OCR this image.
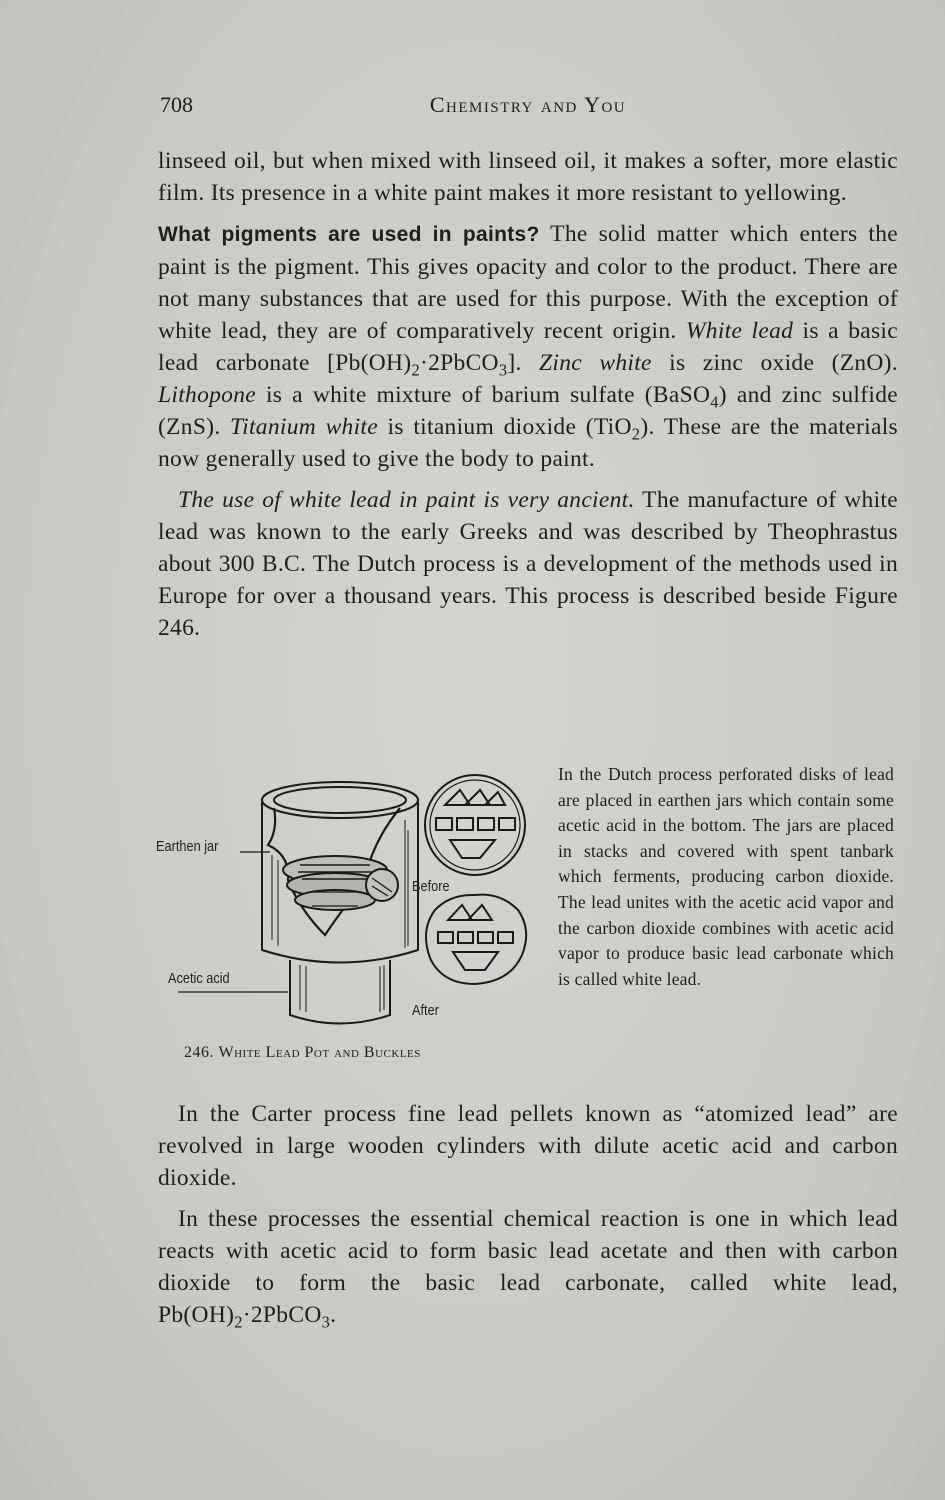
708	Chemistry and You

linseed oil, but when mixed with linseed oil, it makes a softer, more elastic film. Its presence in a white paint makes it more resistant to yellowing.

What pigments are used in paints? The solid matter which enters the paint is the pigment. This gives opacity and color to the product. There are not many substances that are used for this purpose. With the exception of white lead, they are of comparatively recent origin. White lead is a basic lead carbonate $[Pb(OH)_2\cdot 2PbCO_3]$. Zinc white is zinc oxide (ZnO). Lithopone is a white mixture of barium sulfate (BaSO$_4$) and zinc sulfide (ZnS). Titanium white is titanium dioxide (TiO$_2$). These are the materials now generally used to give the body to paint.

The use of white lead in paint is very ancient. The manufacture of white lead was known to the early Greeks and was described by Theophrastus about 300 B.C. The Dutch process is a development of the methods used in Europe for over a thousand years. This process is described beside Figure 246.

Earthen jar
Acetic acid
Before
After
246. White Lead Pot and Buckles
In the Dutch process perforated disks of lead are placed in earthen jars which contain some acetic acid in the bottom. The jars are placed in stacks and covered with spent tanbark which ferments, producing carbon dioxide. The lead unites with the acetic acid vapor and the carbon dioxide combines with acetic acid vapor to produce basic lead carbonate which is called white lead.

In the Carter process fine lead pellets known as “atomized lead” are revolved in large wooden cylinders with dilute acetic acid and carbon dioxide.

In these processes the essential chemical reaction is one in which lead reacts with acetic acid to form basic lead acetate and then with carbon dioxide to form the basic lead carbonate, called white lead, $Pb(OH)_2\cdot 2PbCO_3$.
